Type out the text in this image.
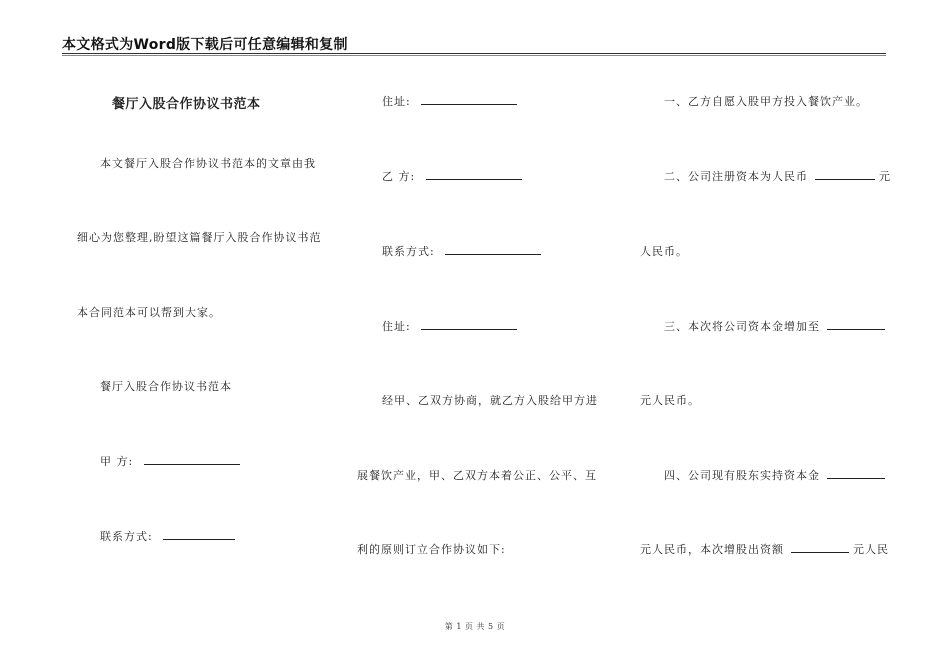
本文格式为Word版下载后可任意编辑和复制
餐厅入股合作协议书范本
本文餐厅入股合作协议书范本的文章由我
细心为您整理,盼望这篇餐厅入股合作协议书范
本合同范本可以帮到大家。
餐厅入股合作协议书范本
甲 方:
联系方式:
住址:
乙 方:
联系方式:
住址:
经甲、乙双方协商，就乙方入股给甲方进
展餐饮产业，甲、乙双方本着公正、公平、互
利的原则订立合作协议如下:
一、乙方自愿入股甲方投入餐饮产业。
二、公司注册资本为人民币	元
人民币。
三、本次将公司资本金增加至
元人民币。
四、公司现有股东实持资本金
元人民币，本次增股出资额	元人民
第 1 页 共 5 页
